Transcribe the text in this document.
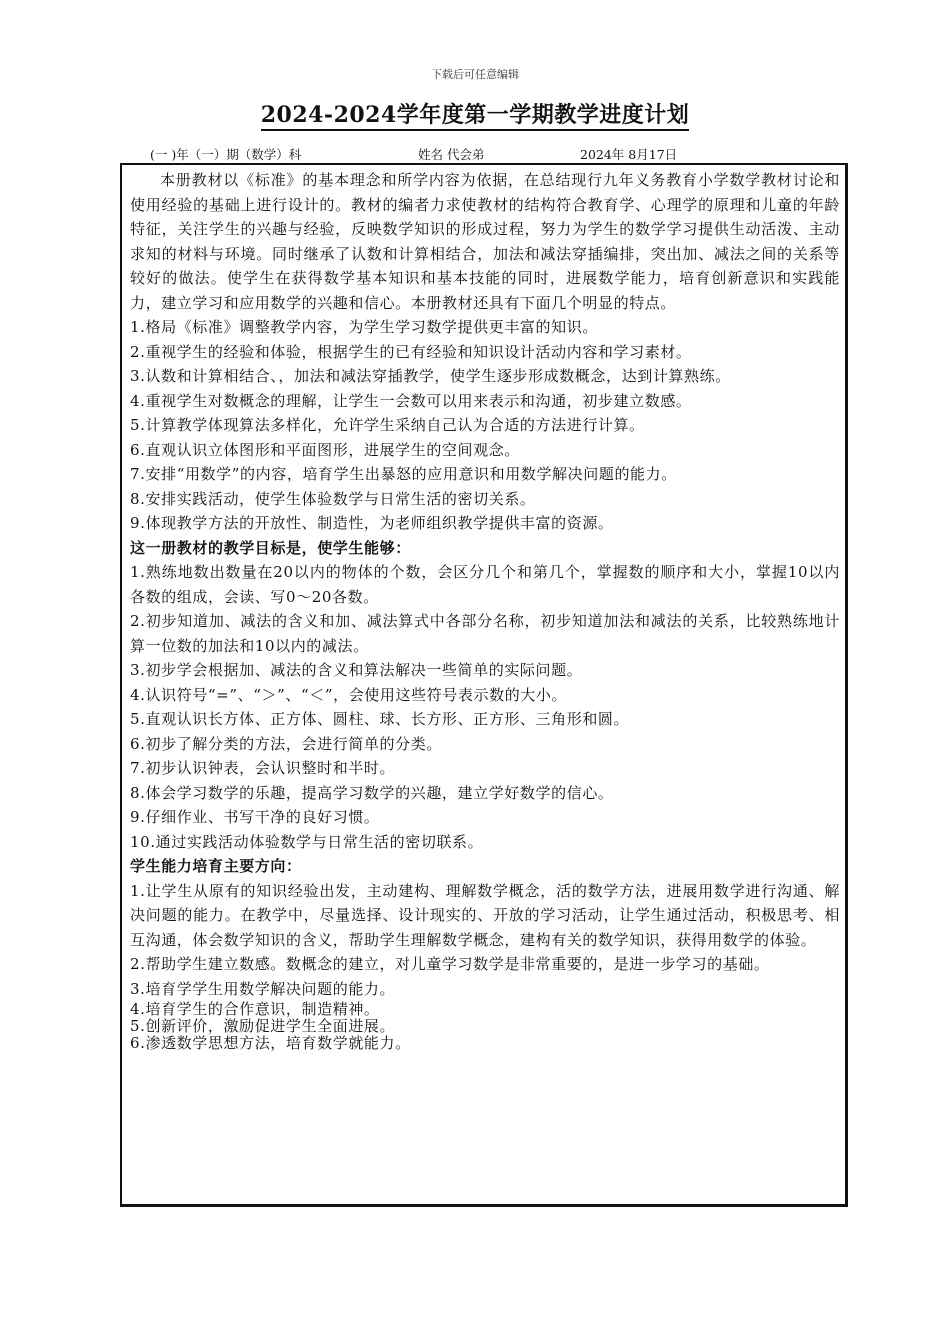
下载后可任意编辑
2024-2024学年度第一学期教学进度计划
(一 )年（一）期（数学）科	姓名 代会弟	2024年 8月17日

本册教材以《标准》的基本理念和所学内容为依据，在总结现行九年义务教育小学数学教材讨论和使用经验的基础上进行设计的。教材的编者力求使教材的结构符合教育学、心理学的原理和儿童的年龄特征，关注学生的兴趣与经验，反映数学知识的形成过程，努力为学生的数学学习提供生动活泼、主动求知的材料与环境。同时继承了认数和计算相结合，加法和减法穿插编排，突出加、减法之间的关系等较好的做法。使学生在获得数学基本知识和基本技能的同时，进展数学能力，培育创新意识和实践能力，建立学习和应用数学的兴趣和信心。本册教材还具有下面几个明显的特点。

1.格局《标准》调整教学内容，为学生学习数学提供更丰富的知识。

2.重视学生的经验和体验，根据学生的已有经验和知识设计活动内容和学习素材。

3.认数和计算相结合、，加法和减法穿插教学，使学生逐步形成数概念，达到计算熟练。

4.重视学生对数概念的理解，让学生一会数可以用来表示和沟通，初步建立数感。

5.计算教学体现算法多样化，允许学生采纳自己认为合适的方法进行计算。

6.直观认识立体图形和平面图形，进展学生的空间观念。

7.安排“用数学”的内容，培育学生出暴怒的应用意识和用数学解决问题的能力。

8.安排实践活动，使学生体验数学与日常生活的密切关系。

9.体现教学方法的开放性、制造性，为老师组织教学提供丰富的资源。

这一册教材的教学目标是，使学生能够：

1.熟练地数出数量在20以内的物体的个数，会区分几个和第几个，掌握数的顺序和大小，掌握10以内各数的组成，会读、写0～20各数。

2.初步知道加、减法的含义和加、减法算式中各部分名称，初步知道加法和减法的关系，比较熟练地计算一位数的加法和10以内的减法。

3.初步学会根据加、减法的含义和算法解决一些简单的实际问题。

4.认识符号“=”、“＞”、“＜”，会使用这些符号表示数的大小。

5.直观认识长方体、正方体、圆柱、球、长方形、正方形、三角形和圆。

6.初步了解分类的方法，会进行简单的分类。

7.初步认识钟表，会认识整时和半时。

8.体会学习数学的乐趣，提高学习数学的兴趣，建立学好数学的信心。

9.仔细作业、书写干净的良好习惯。

10.通过实践活动体验数学与日常生活的密切联系。

学生能力培育主要方向：

1.让学生从原有的知识经验出发，主动建构、理解数学概念，活的数学方法，进展用数学进行沟通、解决问题的能力。在教学中，尽量选择、设计现实的、开放的学习活动，让学生通过活动，积极思考、相互沟通，体会数学知识的含义，帮助学生理解数学概念，建构有关的数学知识，获得用数学的体验。

2.帮助学生建立数感。数概念的建立，对儿童学习数学是非常重要的，是进一步学习的基础。

3.培育学学生用数学解决问题的能力。

4.培育学生的合作意识，制造精神。

5.创新评价，激励促进学生全面进展。

6.渗透数学思想方法，培育数学就能力。
